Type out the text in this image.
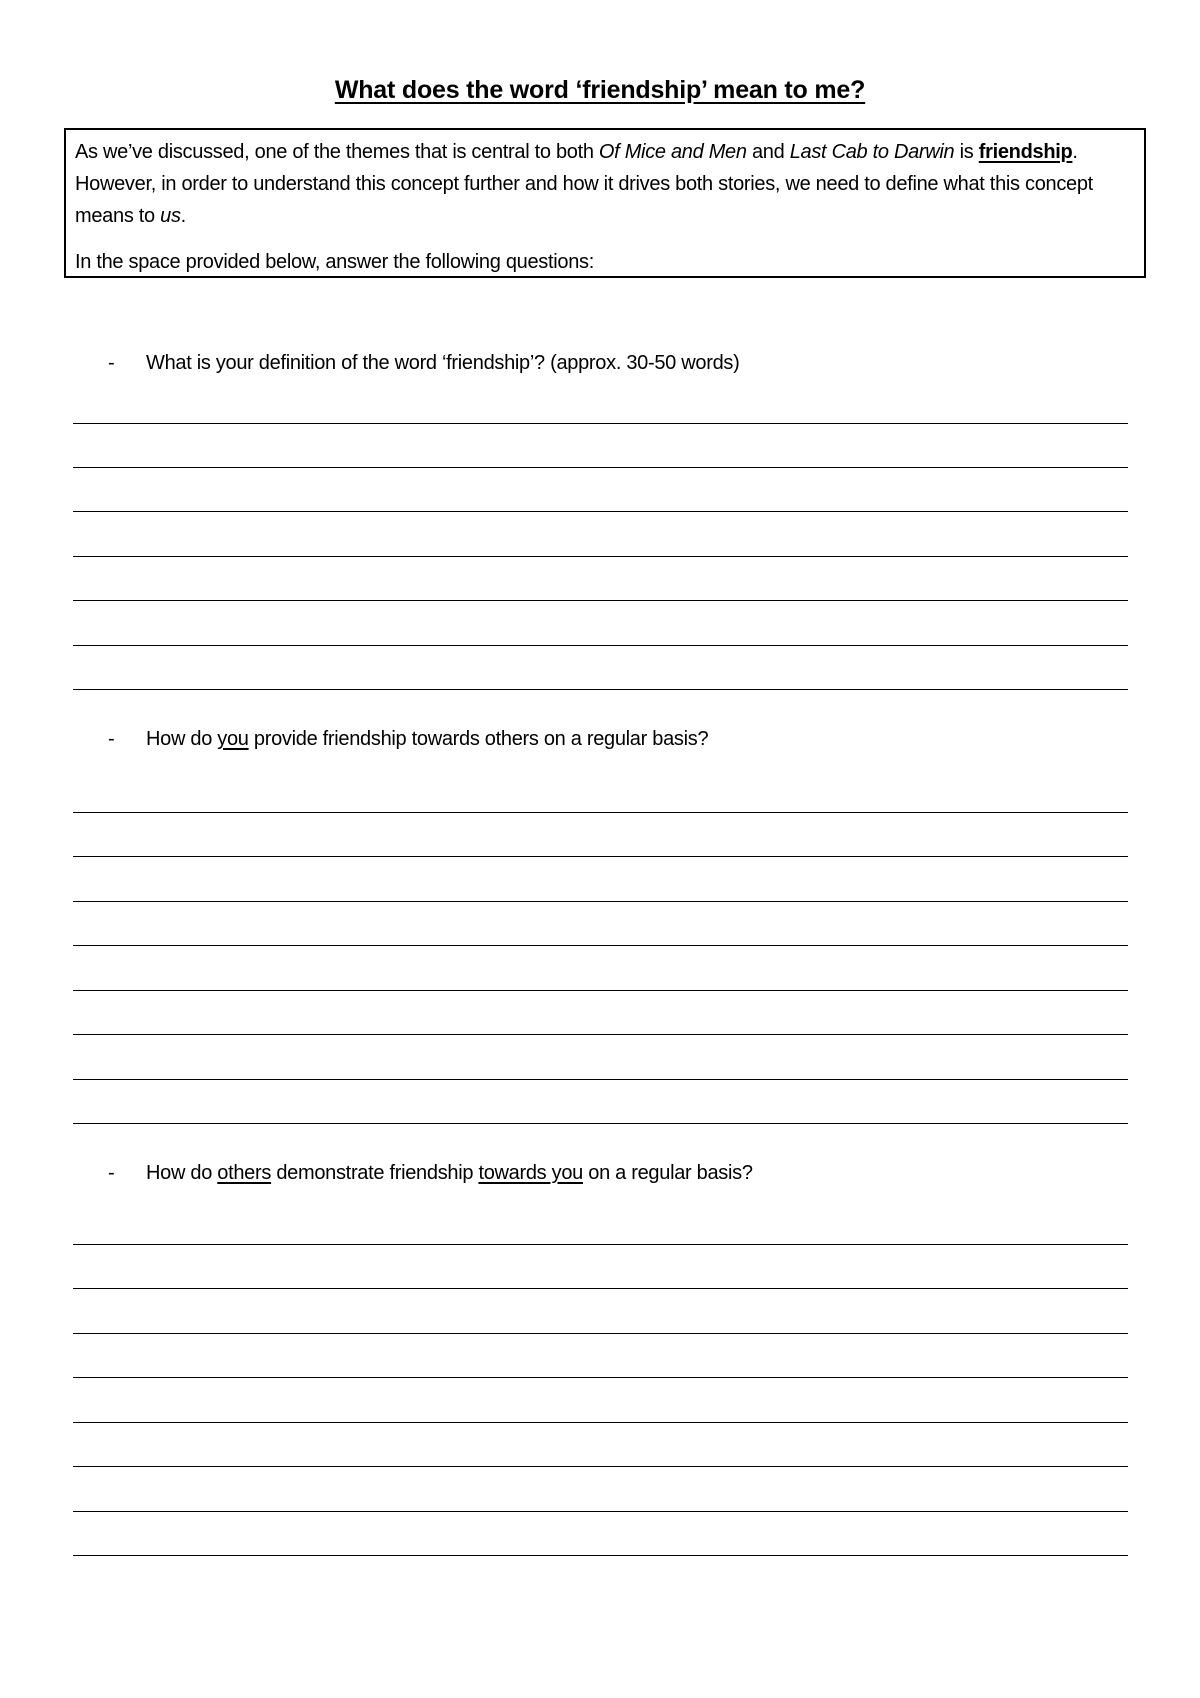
What does the word ‘friendship’ mean to me?

As we’ve discussed, one of the themes that is central to both Of Mice and Men and Last Cab to Darwin is friendship. However, in order to understand this concept further and how it drives both stories, we need to define what this concept means to us.

In the space provided below, answer the following questions:

- What is your definition of the word ‘friendship’? (approx. 30-50 words)
- How do you provide friendship towards others on a regular basis?
- How do others demonstrate friendship towards you on a regular basis?
